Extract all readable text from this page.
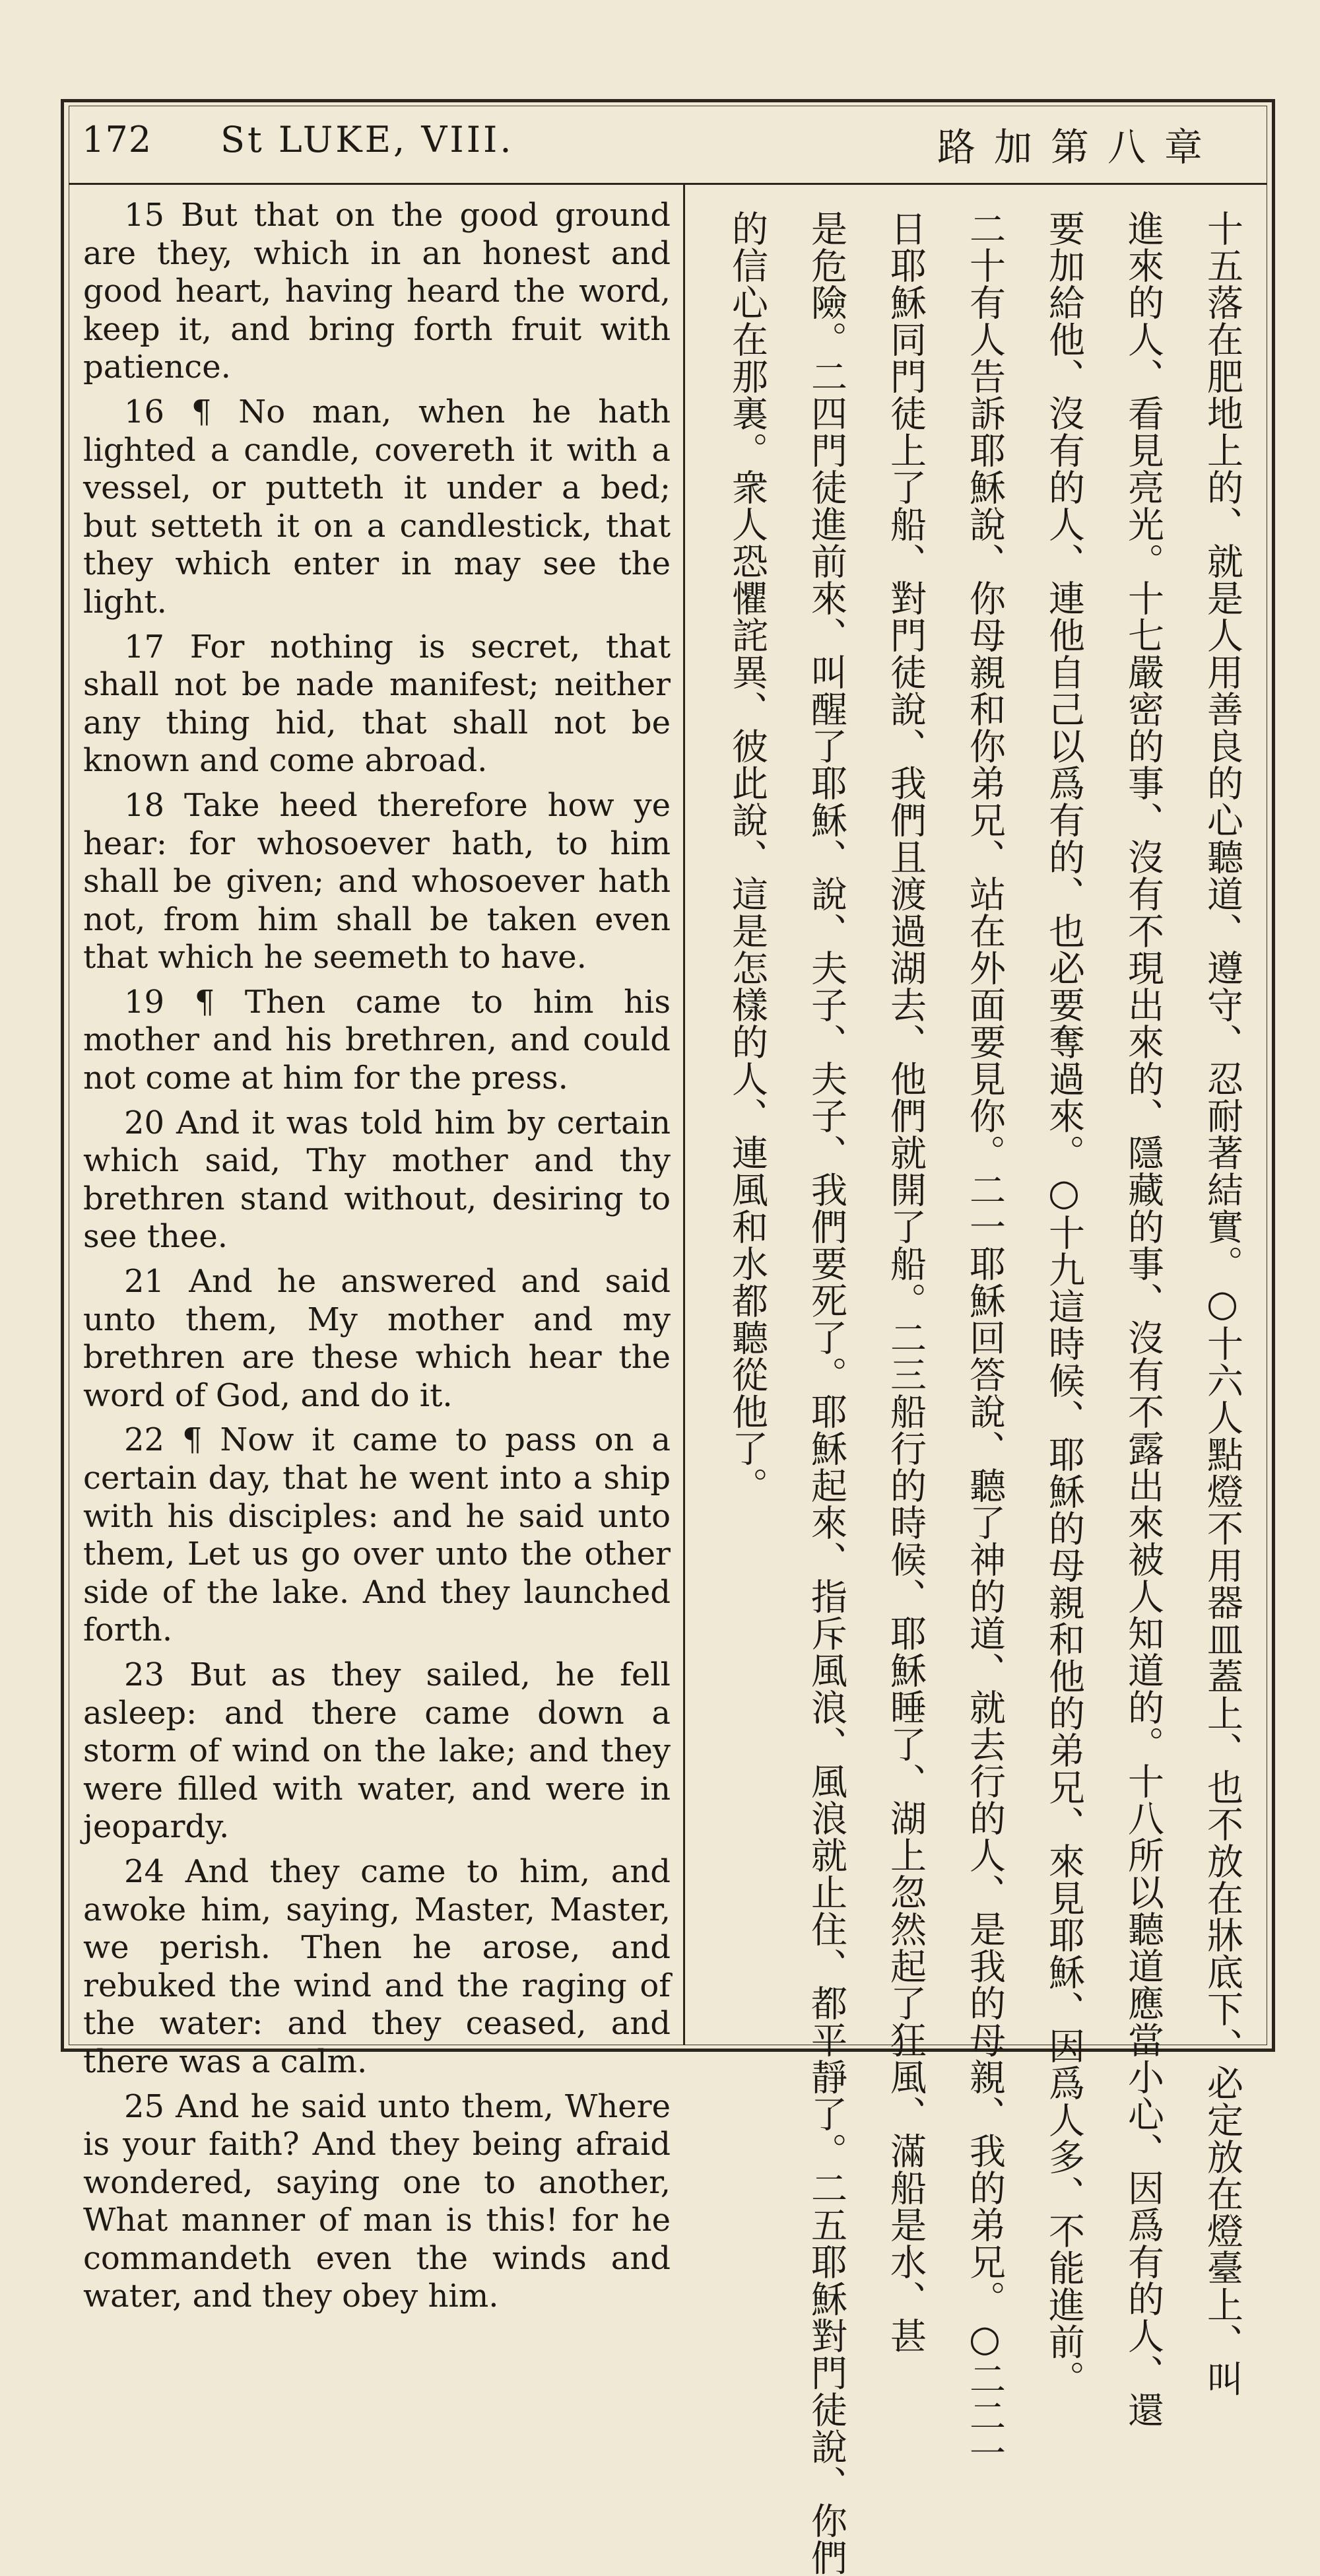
172 St LUKE, VIII.	路加第八章

15 But that on the good ground are they, which in an honest and good heart, having heard the word, keep it, and bring forth fruit with patience.

16 ¶ No man, when he hath lighted a candle, covereth it with a vessel, or putteth it under a bed; but setteth it on a candlestick, that they which enter in may see the light.

17 For nothing is secret, that shall not be nade manifest; neither any thing hid, that shall not be known and come abroad.

18 Take heed therefore how ye hear: for whosoever hath, to him shall be given; and whosoever hath not, from him shall be taken even that which he seemeth to have.

19 ¶ Then came to him his mother and his brethren, and could not come at him for the press.

20 And it was told him by certain which said, Thy mother and thy brethren stand without, desiring to see thee.

21 And he answered and said unto them, My mother and my brethren are these which hear the word of God, and do it.

22 ¶ Now it came to pass on a certain day, that he went into a ship with his disciples: and he said unto them, Let us go over unto the other side of the lake. And they launched forth.

23 But as they sailed, he fell asleep: and there came down a storm of wind on the lake; and they were filled with water, and were in jeopardy.

24 And they came to him, and awoke him, saying, Master, Master, we perish. Then he arose, and rebuked the wind and the raging of the water: and they ceased, and there was a calm.

25 And he said unto them, Where is your faith? And they being afraid wondered, saying one to another, What manner of man is this! for he commandeth even the winds and water, and they obey him.	十五落在肥地上的、就是人用善良的心聽道、遵守、忍耐著結實。○十六人點燈不用器皿蓋上、也不放在牀底下、必定放在燈臺上、叫
進來的人、看見亮光。十七嚴密的事、沒有不現出來的、隱藏的事、沒有不露出來被人知道的。十八所以聽道應當小心、因爲有的人、還
要加給他、沒有的人、連他自己以爲有的、也必要奪過來。○十九這時候、耶穌的母親和他的弟兄、來見耶穌、因爲人多、不能進前。
二十有人告訴耶穌說、你母親和你弟兄、站在外面要見你。二一耶穌回答說、聽了神的道、就去行的人、是我的母親、我的弟兄。○二二一
日耶穌同門徒上了船、對門徒說、我們且渡過湖去、他們就開了船。二三船行的時候、耶穌睡了、湖上忽然起了狂風、滿船是水、甚
是危險。二四門徒進前來、叫醒了耶穌、說、夫子、夫子、我們要死了。耶穌起來、指斥風浪、風浪就止住、都平靜了。二五耶穌對門徒說、你們
的信心在那裏。衆人恐懼詫異、彼此說、這是怎樣的人、連風和水都聽從他了。
